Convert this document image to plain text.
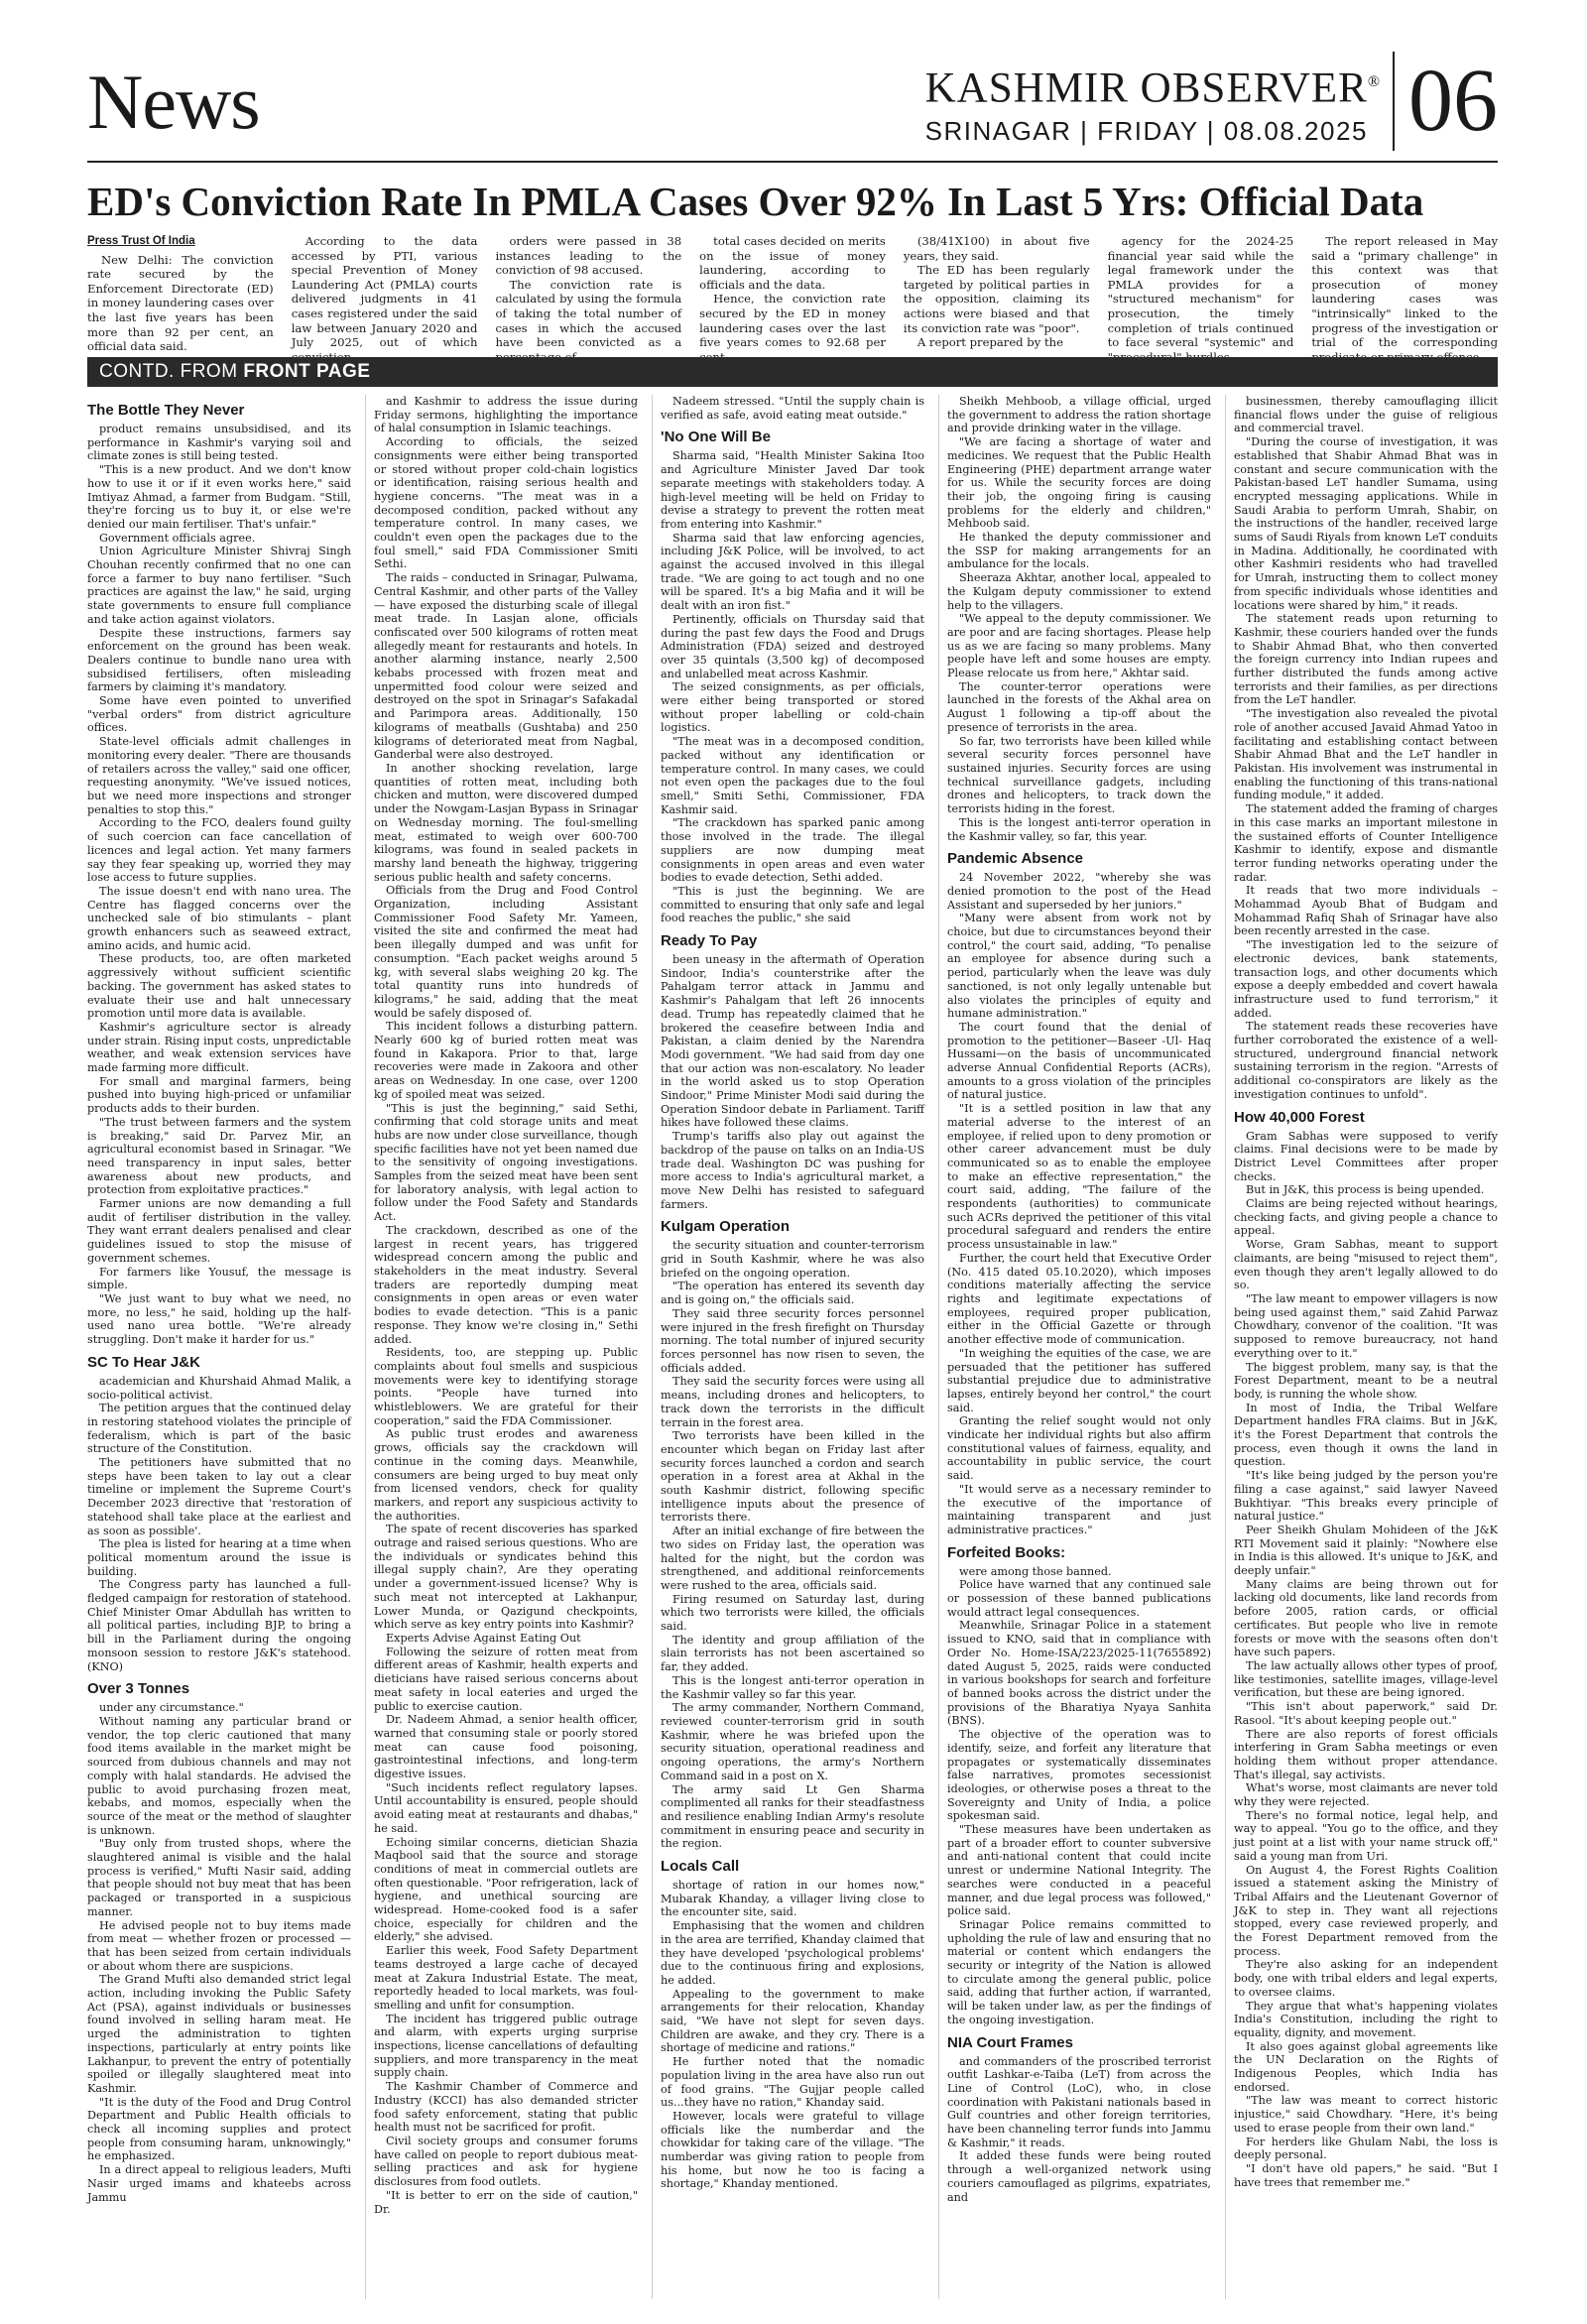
News	KASHMIR OBSERVER®
SRINAGAR | FRIDAY | 08.08.2025 06
ED's Conviction Rate In PMLA Cases Over 92% In Last 5 Yrs: Official Data
Press Trust Of India

New Delhi: The conviction rate secured by the Enforcement Directorate (ED) in money laundering cases over the last five years has been more than 92 per cent, an official data said.

According to the data accessed by PTI, various special Prevention of Money Laundering Act (PMLA) courts delivered judgments in 41 cases registered under the said law between January 2020 and July 2025, out of which

orders were passed in 38 instances leading to the conviction of 98 accused.

The conviction rate is calculated by using the formula of taking the total number of cases in which the accused have been convicted as a

total cases decided on merits on the issue of money laundering, according to officials and the data.

Hence, the conviction rate secured by the ED in money laundering cases over the last five years comes to 92.68 per

(38/41X100) in about five years, they said.

The ED has been regularly targeted by political parties in the opposition, claiming its actions were biased and that its conviction rate was "poor".

A report prepared by the

agency for the 2024-25 financial year said while the legal framework under the PMLA provides for a "structured mechanism" for prosecution, the timely completion of trials continued to face several "systemic" and

The report released in May said a "primary challenge" in this context was that prosecution of money laundering cases was "intrinsically" linked to the progress of the investigation or trial of the corresponding

CONTD. FROM FRONT PAGE
The Bottle They Never

product remains unsubsidised, and its performance in Kashmir's varying soil and climate zones is still being tested.

"This is a new product. And we don't know how to use it or if it even works here," said Imtiyaz Ahmad, a farmer from Budgam. "Still, they're forcing us to buy it, or else we're denied our main fertiliser. That's unfair."

Government officials agree.

Union Agriculture Minister Shivraj Singh Chouhan recently confirmed that no one can force a farmer to buy nano fertiliser. "Such practices are against the law," he said, urging state governments to ensure full compliance and take action against violators.

Despite these instructions, farmers say enforcement on the ground has been weak. Dealers continue to bundle nano urea with subsidised fertilisers, often misleading farmers by claiming it's mandatory.

Some have even pointed to unverified "verbal orders" from district agriculture offices.

State-level officials admit challenges in monitoring every dealer. "There are thousands of retailers across the valley," said one officer, requesting anonymity. "We've issued notices, but we need more inspections and stronger penalties to stop this."

According to the FCO, dealers found guilty of such coercion can face cancellation of licences and legal action. Yet many farmers say they fear speaking up, worried they may lose access to future supplies.

The issue doesn't end with nano urea. The Centre has flagged concerns over the unchecked sale of bio stimulants – plant growth enhancers such as seaweed extract, amino acids, and humic acid.

These products, too, are often marketed aggressively without sufficient scientific backing. The government has asked states to evaluate their use and halt unnecessary promotion until more data is available.

Kashmir's agriculture sector is already under strain. Rising input costs, unpredictable weather, and weak extension services have made farming more difficult.

For small and marginal farmers, being pushed into buying high-priced or unfamiliar products adds to their burden.

"The trust between farmers and the system is breaking," said Dr. Parvez Mir, an agricultural economist based in Srinagar. "We need transparency in input sales, better awareness about new products, and protection from exploitative practices."

Farmer unions are now demanding a full audit of fertiliser distribution in the valley. They want errant dealers penalised and clear guidelines issued to stop the misuse of government schemes.

For farmers like Yousuf, the message is simple.

"We just want to buy what we need, no more, no less," he said, holding up the half-used nano urea bottle. "We're already struggling. Don't make it harder for us."

SC To Hear J&K

academician and Khurshaid Ahmad Malik, a socio-political activist.

The petition argues that the continued delay in restoring statehood violates the principle of federalism, which is part of the basic structure of the Constitution.

The petitioners have submitted that no steps have been taken to lay out a clear timeline or implement the Supreme Court's December 2023 directive that 'restoration of statehood shall take place at the earliest and as soon as possible'.

The plea is listed for hearing at a time when political momentum around the issue is building.

The Congress party has launched a full-fledged campaign for restoration of statehood. Chief Minister Omar Abdullah has written to all political parties, including BJP, to bring a bill in the Parliament during the ongoing monsoon session to restore J&K's statehood. (KNO)

Over 3 Tonnes

under any circumstance."

Without naming any particular brand or vendor, the top cleric cautioned that many food items available in the market might be sourced from dubious channels and may not comply with halal standards. He advised the public to avoid purchasing frozen meat, kebabs, and momos, especially when the source of the meat or the method of slaughter is unknown.

"Buy only from trusted shops, where the slaughtered animal is visible and the halal process is verified," Mufti Nasir said, adding that people should not buy meat that has been packaged or transported in a suspicious manner.

He advised people not to buy items made from meat — whether frozen or processed — that has been seized from certain individuals or about whom there are suspicions.

The Grand Mufti also demanded strict legal action, including invoking the Public Safety Act (PSA), against individuals or businesses found involved in selling haram meat. He urged the administration to tighten inspections, particularly at entry points like Lakhanpur, to prevent the entry of potentially spoiled or illegally slaughtered meat into Kashmir.

"It is the duty of the Food and Drug Control Department and Public Health officials to check all incoming supplies and protect people from consuming haram, unknowingly," he emphasized.

In a direct appeal to religious leaders, Mufti Nasir urged imams and khateebs across Jammu

and Kashmir to address the issue during Friday sermons, highlighting the importance of halal consumption in Islamic teachings.

According to officials, the seized consignments were either being transported or stored without proper cold-chain logistics or identification, raising serious health and hygiene concerns. "The meat was in a decomposed condition, packed without any temperature control. In many cases, we couldn't even open the packages due to the foul smell," said FDA Commissioner Smiti Sethi.

The raids – conducted in Srinagar, Pulwama, Central Kashmir, and other parts of the Valley — have exposed the disturbing scale of illegal meat trade. In Lasjan alone, officials confiscated over 500 kilograms of rotten meat allegedly meant for restaurants and hotels. In another alarming instance, nearly 2,500 kebabs processed with frozen meat and unpermitted food colour were seized and destroyed on the spot in Srinagar's Safakadal and Parimpora areas. Additionally, 150 kilograms of meatballs (Gushtaba) and 250 kilograms of deteriorated meat from Nagbal, Ganderbal were also destroyed.

In another shocking revelation, large quantities of rotten meat, including both chicken and mutton, were discovered dumped under the Nowgam-Lasjan Bypass in Srinagar on Wednesday morning. The foul-smelling meat, estimated to weigh over 600-700 kilograms, was found in sealed packets in marshy land beneath the highway, triggering serious public health and safety concerns.

Officials from the Drug and Food Control Organization, including Assistant Commissioner Food Safety Mr. Yameen, visited the site and confirmed the meat had been illegally dumped and was unfit for consumption. "Each packet weighs around 5 kg, with several slabs weighing 20 kg. The total quantity runs into hundreds of kilograms," he said, adding that the meat would be safely disposed of.

This incident follows a disturbing pattern. Nearly 600 kg of buried rotten meat was found in Kakapora. Prior to that, large recoveries were made in Zakoora and other areas on Wednesday. In one case, over 1200 kg of spoiled meat was seized.

"This is just the beginning," said Sethi, confirming that cold storage units and meat hubs are now under close surveillance, though specific facilities have not yet been named due to the sensitivity of ongoing investigations. Samples from the seized meat have been sent for laboratory analysis, with legal action to follow under the Food Safety and Standards Act.

The crackdown, described as one of the largest in recent years, has triggered widespread concern among the public and stakeholders in the meat industry. Several traders are reportedly dumping meat consignments in open areas or even water bodies to evade detection. "This is a panic response. They know we're closing in," Sethi added.

Residents, too, are stepping up. Public complaints about foul smells and suspicious movements were key to identifying storage points. "People have turned into whistleblowers. We are grateful for their cooperation," said the FDA Commissioner.

As public trust erodes and awareness grows, officials say the crackdown will continue in the coming days. Meanwhile, consumers are being urged to buy meat only from licensed vendors, check for quality markers, and report any suspicious activity to the authorities.

The spate of recent discoveries has sparked outrage and raised serious questions. Who are the individuals or syndicates behind this illegal supply chain?, Are they operating under a government-issued license? Why is such meat not intercepted at Lakhanpur, Lower Munda, or Qazigund checkpoints, which serve as key entry points into Kashmir?

Experts Advise Against Eating Out

Following the seizure of rotten meat from different areas of Kashmir, health experts and dieticians have raised serious concerns about meat safety in local eateries and urged the public to exercise caution.

Dr. Nadeem Ahmad, a senior health officer, warned that consuming stale or poorly stored meat can cause food poisoning, gastrointestinal infections, and long-term digestive issues.

"Such incidents reflect regulatory lapses. Until accountability is ensured, people should avoid eating meat at restaurants and dhabas," he said.

Echoing similar concerns, dietician Shazia Maqbool said that the source and storage conditions of meat in commercial outlets are often questionable. "Poor refrigeration, lack of hygiene, and unethical sourcing are widespread. Home-cooked food is a safer choice, especially for children and the elderly," she advised.

Earlier this week, Food Safety Department teams destroyed a large cache of decayed meat at Zakura Industrial Estate. The meat, reportedly headed to local markets, was foul-smelling and unfit for consumption.

The incident has triggered public outrage and alarm, with experts urging surprise inspections, license cancellations of defaulting suppliers, and more transparency in the meat supply chain.

The Kashmir Chamber of Commerce and Industry (KCCI) has also demanded stricter food safety enforcement, stating that public health must not be sacrificed for profit.

Civil society groups and consumer forums have called on people to report dubious meat-selling practices and ask for hygiene disclosures from food outlets.

"It is better to err on the side of caution," Dr.

Nadeem stressed. "Until the supply chain is verified as safe, avoid eating meat outside."

'No One Will Be

Sharma said, "Health Minister Sakina Itoo and Agriculture Minister Javed Dar took separate meetings with stakeholders today. A high-level meeting will be held on Friday to devise a strategy to prevent the rotten meat from entering into Kashmir."

Sharma said that law enforcing agencies, including J&K Police, will be involved, to act against the accused involved in this illegal trade. "We are going to act tough and no one will be spared. It's a big Mafia and it will be dealt with an iron fist."

Pertinently, officials on Thursday said that during the past few days the Food and Drugs Administration (FDA) seized and destroyed over 35 quintals (3,500 kg) of decomposed and unlabelled meat across Kashmir.

The seized consignments, as per officials, were either being transported or stored without proper labelling or cold-chain logistics.

"The meat was in a decomposed condition, packed without any identification or temperature control. In many cases, we could not even open the packages due to the foul smell," Smiti Sethi, Commissioner, FDA Kashmir said.

"The crackdown has sparked panic among those involved in the trade. The illegal suppliers are now dumping meat consignments in open areas and even water bodies to evade detection, Sethi added.

"This is just the beginning. We are committed to ensuring that only safe and legal food reaches the public," she said

Ready To Pay

been uneasy in the aftermath of Operation Sindoor, India's counterstrike after the Pahalgam terror attack in Jammu and Kashmir's Pahalgam that left 26 innocents dead. Trump has repeatedly claimed that he brokered the ceasefire between India and Pakistan, a claim denied by the Narendra Modi government. "We had said from day one that our action was non-escalatory. No leader in the world asked us to stop Operation Sindoor," Prime Minister Modi said during the Operation Sindoor debate in Parliament. Tariff hikes have followed these claims.

Trump's tariffs also play out against the backdrop of the pause on talks on an India-US trade deal. Washington DC was pushing for more access to India's agricultural market, a move New Delhi has resisted to safeguard farmers.

Kulgam Operation

the security situation and counter-terrorism grid in South Kashmir, where he was also briefed on the ongoing operation.

"The operation has entered its seventh day and is going on," the officials said.

They said three security forces personnel were injured in the fresh firefight on Thursday morning. The total number of injured security forces personnel has now risen to seven, the officials added.

They said the security forces were using all means, including drones and helicopters, to track down the terrorists in the difficult terrain in the forest area.

Two terrorists have been killed in the encounter which began on Friday last after security forces launched a cordon and search operation in a forest area at Akhal in the south Kashmir district, following specific intelligence inputs about the presence of terrorists there.

After an initial exchange of fire between the two sides on Friday last, the operation was halted for the night, but the cordon was strengthened, and additional reinforcements were rushed to the area, officials said.

Firing resumed on Saturday last, during which two terrorists were killed, the officials said.

The identity and group affiliation of the slain terrorists has not been ascertained so far, they added.

This is the longest anti-terror operation in the Kashmir valley so far this year.

The army commander, Northern Command, reviewed counter-terrorism grid in south Kashmir, where he was briefed upon the security situation, operational readiness and ongoing operations, the army's Northern Command said in a post on X.

The army said Lt Gen Sharma complimented all ranks for their steadfastness and resilience enabling Indian Army's resolute commitment in ensuring peace and security in the region.

Locals Call

shortage of ration in our homes now," Mubarak Khanday, a villager living close to the encounter site, said.

Emphasising that the women and children in the area are terrified, Khanday claimed that they have developed 'psychological problems' due to the continuous firing and explosions, he added.

Appealing to the government to make arrangements for their relocation, Khanday said, "We have not slept for seven days. Children are awake, and they cry. There is a shortage of medicine and rations."

He further noted that the nomadic population living in the area have also run out of food grains. "The Gujjar people called us...they have no ration," Khanday said.

However, locals were grateful to village officials like the numberdar and the chowkidar for taking care of the village. "The numberdar was giving ration to people from his home, but now he too is facing a shortage," Khanday mentioned.

Sheikh Mehboob, a village official, urged the government to address the ration shortage and provide drinking water in the village.

"We are facing a shortage of water and medicines. We request that the Public Health Engineering (PHE) department arrange water for us. While the security forces are doing their job, the ongoing firing is causing problems for the elderly and children," Mehboob said.

He thanked the deputy commissioner and the SSP for making arrangements for an ambulance for the locals.

Sheeraza Akhtar, another local, appealed to the Kulgam deputy commissioner to extend help to the villagers.

"We appeal to the deputy commissioner. We are poor and are facing shortages. Please help us as we are facing so many problems. Many people have left and some houses are empty. Please relocate us from here," Akhtar said.

The counter-terror operations were launched in the forests of the Akhal area on August 1 following a tip-off about the presence of terrorists in the area.

So far, two terrorists have been killed while several security forces personnel have sustained injuries. Security forces are using technical surveillance gadgets, including drones and helicopters, to track down the terrorists hiding in the forest.

This is the longest anti-terror operation in the Kashmir valley, so far, this year.

Pandemic Absence

24 November 2022, "whereby she was denied promotion to the post of the Head Assistant and superseded by her juniors."

"Many were absent from work not by choice, but due to circumstances beyond their control," the court said, adding, "To penalise an employee for absence during such a period, particularly when the leave was duly sanctioned, is not only legally untenable but also violates the principles of equity and humane administration."

The court found that the denial of promotion to the petitioner—Baseer -Ul- Haq Hussami—on the basis of uncommunicated adverse Annual Confidential Reports (ACRs), amounts to a gross violation of the principles of natural justice.

"It is a settled position in law that any material adverse to the interest of an employee, if relied upon to deny promotion or other career advancement must be duly communicated so as to enable the employee to make an effective representation," the court said, adding, "The failure of the respondents (authorities) to communicate such ACRs deprived the petitioner of this vital procedural safeguard and renders the entire process unsustainable in law."

Further, the court held that Executive Order (No. 415 dated 05.10.2020), which imposes conditions materially affecting the service rights and legitimate expectations of employees, required proper publication, either in the Official Gazette or through another effective mode of communication.

"In weighing the equities of the case, we are persuaded that the petitioner has suffered substantial prejudice due to administrative lapses, entirely beyond her control," the court said.

Granting the relief sought would not only vindicate her individual rights but also affirm constitutional values of fairness, equality, and accountability in public service, the court said.

"It would serve as a necessary reminder to the executive of the importance of maintaining transparent and just administrative practices."

Forfeited Books:

were among those banned.

Police have warned that any continued sale or possession of these banned publications would attract legal consequences.

Meanwhile, Srinagar Police in a statement issued to KNO, said that in compliance with Order No. Home-ISA/223/2025-11(7655892) dated August 5, 2025, raids were conducted in various bookshops for search and forfeiture of banned books across the district under the provisions of the Bharatiya Nyaya Sanhita (BNS).

The objective of the operation was to identify, seize, and forfeit any literature that propagates or systematically disseminates false narratives, promotes secessionist ideologies, or otherwise poses a threat to the Sovereignty and Unity of India, a police spokesman said.

"These measures have been undertaken as part of a broader effort to counter subversive and anti-national content that could incite unrest or undermine National Integrity. The searches were conducted in a peaceful manner, and due legal process was followed," police said.

Srinagar Police remains committed to upholding the rule of law and ensuring that no material or content which endangers the security or integrity of the Nation is allowed to circulate among the general public, police said, adding that further action, if warranted, will be taken under law, as per the findings of the ongoing investigation.

NIA Court Frames

and commanders of the proscribed terrorist outfit Lashkar-e-Taiba (LeT) from across the Line of Control (LoC), who, in close coordination with Pakistani nationals based in Gulf countries and other foreign territories, have been channeling terror funds into Jammu & Kashmir," it reads.

It added these funds were being routed through a well-organized network using couriers camouflaged as pilgrims, expatriates, and

businessmen, thereby camouflaging illicit financial flows under the guise of religious and commercial travel.

"During the course of investigation, it was established that Shabir Ahmad Bhat was in constant and secure communication with the Pakistan-based LeT handler Sumama, using encrypted messaging applications. While in Saudi Arabia to perform Umrah, Shabir, on the instructions of the handler, received large sums of Saudi Riyals from known LeT conduits in Madina. Additionally, he coordinated with other Kashmiri residents who had travelled for Umrah, instructing them to collect money from specific individuals whose identities and locations were shared by him," it reads.

The statement reads upon returning to Kashmir, these couriers handed over the funds to Shabir Ahmad Bhat, who then converted the foreign currency into Indian rupees and further distributed the funds among active terrorists and their families, as per directions from the LeT handler.

"The investigation also revealed the pivotal role of another accused Javaid Ahmad Yatoo in facilitating and establishing contact between Shabir Ahmad Bhat and the LeT handler in Pakistan. His involvement was instrumental in enabling the functioning of this trans-national funding module," it added.

The statement added the framing of charges in this case marks an important milestone in the sustained efforts of Counter Intelligence Kashmir to identify, expose and dismantle terror funding networks operating under the radar.

It reads that two more individuals – Mohammad Ayoub Bhat of Budgam and Mohammad Rafiq Shah of Srinagar have also been recently arrested in the case.

"The investigation led to the seizure of electronic devices, bank statements, transaction logs, and other documents which expose a deeply embedded and covert hawala infrastructure used to fund terrorism," it added.

The statement reads these recoveries have further corroborated the existence of a well-structured, underground financial network sustaining terrorism in the region. "Arrests of additional co-conspirators are likely as the investigation continues to unfold".

How 40,000 Forest

Gram Sabhas were supposed to verify claims. Final decisions were to be made by District Level Committees after proper checks.

But in J&K, this process is being upended.

Claims are being rejected without hearings, checking facts, and giving people a chance to appeal.

Worse, Gram Sabhas, meant to support claimants, are being "misused to reject them", even though they aren't legally allowed to do so.

"The law meant to empower villagers is now being used against them," said Zahid Parwaz Chowdhary, convenor of the coalition. "It was supposed to remove bureaucracy, not hand everything over to it."

The biggest problem, many say, is that the Forest Department, meant to be a neutral body, is running the whole show.

In most of India, the Tribal Welfare Department handles FRA claims. But in J&K, it's the Forest Department that controls the process, even though it owns the land in question.

"It's like being judged by the person you're filing a case against," said lawyer Naveed Bukhtiyar. "This breaks every principle of natural justice."

Peer Sheikh Ghulam Mohideen of the J&K RTI Movement said it plainly: "Nowhere else in India is this allowed. It's unique to J&K, and deeply unfair."

Many claims are being thrown out for lacking old documents, like land records from before 2005, ration cards, or official certificates. But people who live in remote forests or move with the seasons often don't have such papers.

The law actually allows other types of proof, like testimonies, satellite images, village-level verification, but these are being ignored.

"This isn't about paperwork," said Dr. Rasool. "It's about keeping people out."

There are also reports of forest officials interfering in Gram Sabha meetings or even holding them without proper attendance. That's illegal, say activists.

What's worse, most claimants are never told why they were rejected.

There's no formal notice, legal help, and way to appeal. "You go to the office, and they just point at a list with your name struck off," said a young man from Uri.

On August 4, the Forest Rights Coalition issued a statement asking the Ministry of Tribal Affairs and the Lieutenant Governor of J&K to step in. They want all rejections stopped, every case reviewed properly, and the Forest Department removed from the process.

They're also asking for an independent body, one with tribal elders and legal experts, to oversee claims.

They argue that what's happening violates India's Constitution, including the right to equality, dignity, and movement.

It also goes against global agreements like the UN Declaration on the Rights of Indigenous Peoples, which India has endorsed.

"The law was meant to correct historic injustice," said Chowdhary. "Here, it's being used to erase people from their own land."

For herders like Ghulam Nabi, the loss is deeply personal.

"I don't have old papers," he said. "But I have trees that remember me."
